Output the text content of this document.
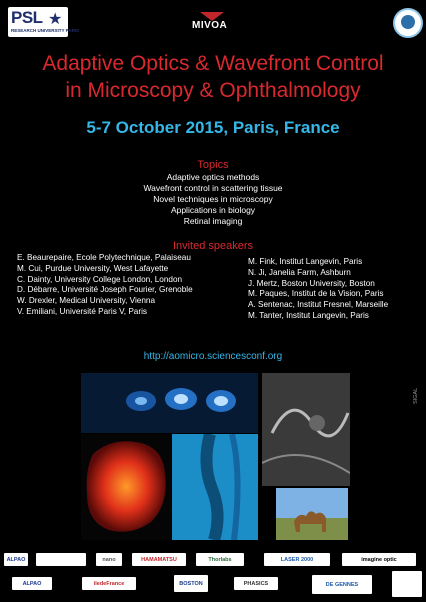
PSL ★
RESEARCH UNIVERSITY PARIS	MIVOA
Adaptive Optics & Wavefront Control
in Microscopy & Ophthalmology
5-7 October 2015, Paris, France
Topics
Adaptive optics methods
Wavefront control in scattering tissue
Novel techniques in microscopy
Applications in biology
Retinal imaging
Invited speakers
E. Beaurepaire, Ecole Polytechnique, Palaiseau
M. Cui, Purdue University, West Lafayette
C. Dainty, University College London, London
D. Débarre, Université Joseph Fourier, Grenoble
W. Drexler, Medical University, Vienna
V. Emiliani, Université Paris V, Paris
M. Fink, Institut Langevin, Paris
N. Ji, Janelia Farm, Ashburn
J. Mertz, Boston University, Boston
M. Paques, Institut de la Vision, Paris
A. Sentenac, Institut Fresnel, Marseille
M. Tanter, Institut Langevin, Paris
http://aomicro.sciencesconf.org
SIGAL
ALPAO	nano	HAMAMATSU	Thorlabs	LASER 2000	imagine optic
ALPAO	iledeFrance	BOSTON	PHASICS	DE GENNES
